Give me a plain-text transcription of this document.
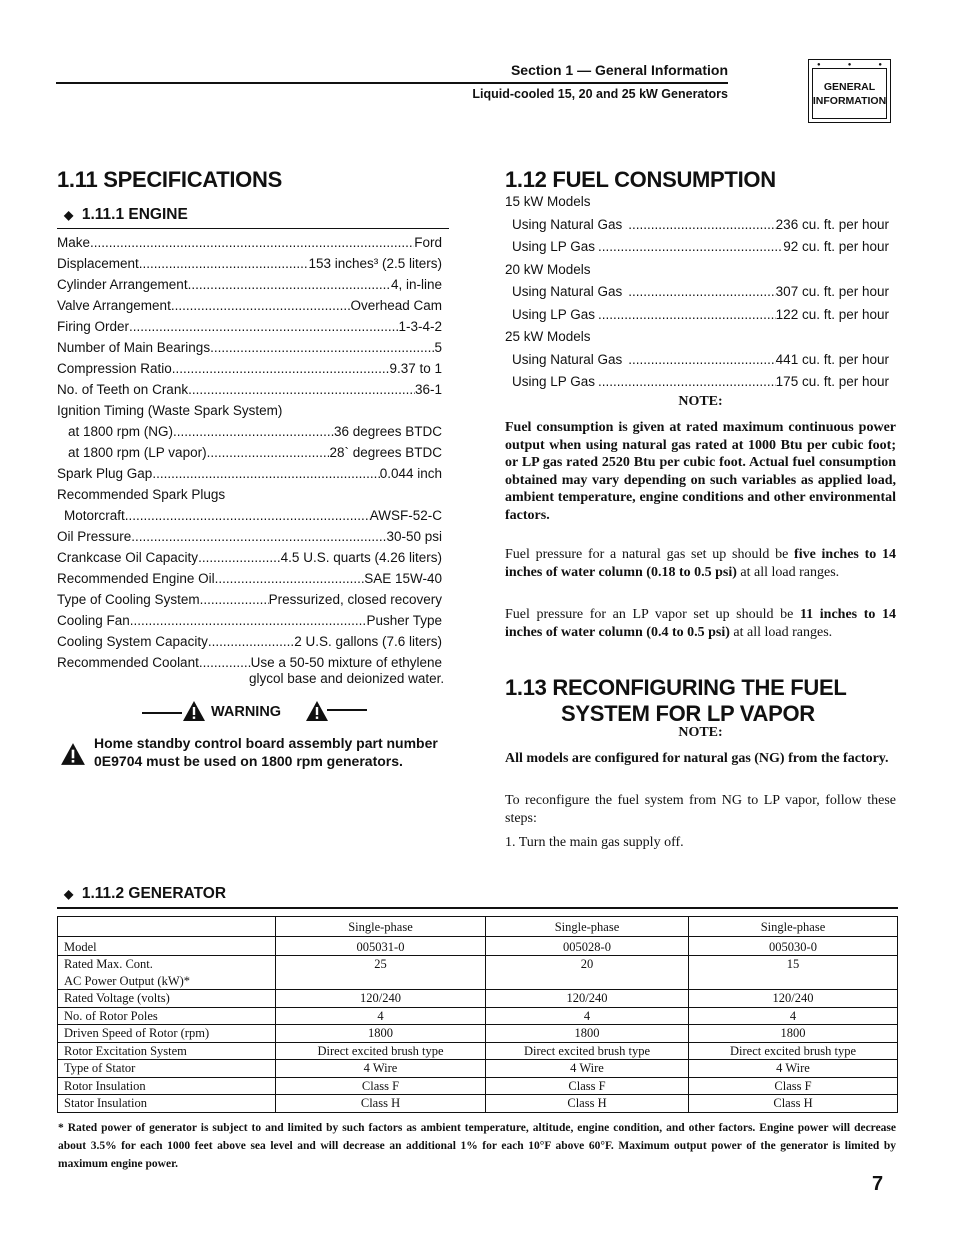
Section 1 — General Information
Liquid-cooled 15, 20 and 25 kW Generators
●	●	●
GENERAL
INFORMATION
1.11 SPECIFICATIONS
◆ 1.11.1 ENGINE
Make .....	Ford
Displacement .....	153 inches³ (2.5 liters)
Cylinder Arrangement .....	4, in-line
Valve Arrangement .....	Overhead Cam
Firing Order .....	1-3-4-2
Number of Main Bearings .....	5
Compression Ratio .....	9.37 to 1
No. of Teeth on Crank .....	36-1
Ignition Timing (Waste Spark System)
at 1800 rpm (NG) .....	36 degrees BTDC
at 1800 rpm (LP vapor) .....	28` degrees BTDC
Spark Plug Gap .....	0.044 inch
Recommended Spark Plugs
Motorcraft .....	AWSF-52-C
Oil Pressure .....	30-50 psi
Crankcase Oil Capacity .....	4.5 U.S. quarts (4.26 liters)
Recommended Engine Oil .....	SAE 15W-40
Type of Cooling System .....	Pressurized, closed recovery
Cooling Fan .....	Pusher Type
Cooling System Capacity .....	2 U.S. gallons (7.6 liters)
Recommended Coolant .....	Use a 50-50 mixture of ethylene
glycol base and deionized water.
WARNING
Home standby control board assembly part number 0E9704 must be used on 1800 rpm generators.
1.12 FUEL CONSUMPTION
15 kW Models
Using Natural Gas .....	236 cu. ft. per hour
Using LP Gas .....	92 cu. ft. per hour
20 kW Models
Using Natural Gas .....	307 cu. ft. per hour
Using LP Gas .....	122 cu. ft. per hour
25 kW Models
Using Natural Gas .....	441 cu. ft. per hour
Using LP Gas .....	175 cu. ft. per hour
NOTE:
Fuel consumption is given at rated maximum continuous power output when using natural gas rated at 1000 Btu per cubic foot; or LP gas rated 2520 Btu per cubic foot. Actual fuel consumption obtained may vary depending on such variables as applied load, ambient temperature, engine conditions and other environmental factors.
Fuel pressure for a natural gas set up should be five inches to 14 inches of water column (0.18 to 0.5 psi) at all load ranges.
Fuel pressure for an LP vapor set up should be 11 inches to 14 inches of water column (0.4 to 0.5 psi) at all load ranges.
1.13 RECONFIGURING THE FUEL
SYSTEM FOR LP VAPOR
NOTE:
All models are configured for natural gas (NG) from the factory.
To reconfigure the fuel system from NG to LP vapor, follow these steps:
1. Turn the main gas supply off.
◆ 1.11.2 GENERATOR
	Single-phase	Single-phase	Single-phase
Model	005031-0	005028-0	005030-0
Rated Max. Cont.
AC Power Output (kW)*	25	20	15
Rated Voltage (volts)	120/240	120/240	120/240
No. of Rotor Poles	4	4	4
Driven Speed of Rotor (rpm)	1800	1800	1800
Rotor Excitation System	Direct excited brush type	Direct excited brush type	Direct excited brush type
Type of Stator	4 Wire	4 Wire	4 Wire
Rotor Insulation	Class F	Class F	Class F
Stator Insulation	Class H	Class H	Class H
* Rated power of generator is subject to and limited by such factors as ambient temperature, altitude, engine condition, and other factors. Engine power will decrease about 3.5% for each 1000 feet above sea level and will decrease an additional 1% for each 10°F above 60°F. Maximum output power of the generator is limited by maximum engine power.
7
